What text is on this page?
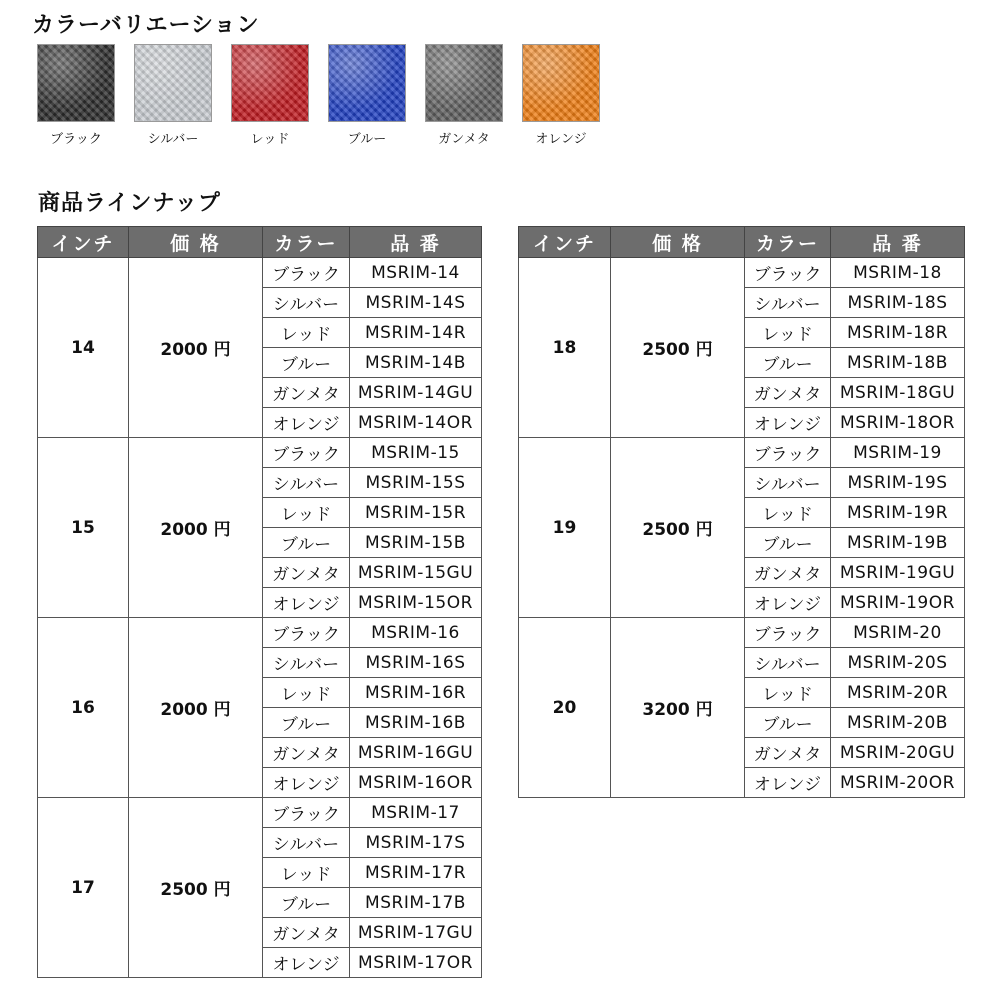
カラーバリエーション
ブラック	シルバー	レッド	ブルー	ガンメタ	オレンジ
商品ラインナップ
インチ	価 格	カラー	品 番
14	2000 円	ブラック	MSRIM-14
		シルバー	MSRIM-14S
		レッド	MSRIM-14R
		ブルー	MSRIM-14B
		ガンメタ	MSRIM-14GU
		オレンジ	MSRIM-14OR
15	2000 円	ブラック	MSRIM-15
		シルバー	MSRIM-15S
		レッド	MSRIM-15R
		ブルー	MSRIM-15B
		ガンメタ	MSRIM-15GU
		オレンジ	MSRIM-15OR
16	2000 円	ブラック	MSRIM-16
		シルバー	MSRIM-16S
		レッド	MSRIM-16R
		ブルー	MSRIM-16B
		ガンメタ	MSRIM-16GU
		オレンジ	MSRIM-16OR
17	2500 円	ブラック	MSRIM-17
		シルバー	MSRIM-17S
		レッド	MSRIM-17R
		ブルー	MSRIM-17B
		ガンメタ	MSRIM-17GU
		オレンジ	MSRIM-17OR
インチ	価 格	カラー	品 番
18	2500 円	ブラック	MSRIM-18
		シルバー	MSRIM-18S
		レッド	MSRIM-18R
		ブルー	MSRIM-18B
		ガンメタ	MSRIM-18GU
		オレンジ	MSRIM-18OR
19	2500 円	ブラック	MSRIM-19
		シルバー	MSRIM-19S
		レッド	MSRIM-19R
		ブルー	MSRIM-19B
		ガンメタ	MSRIM-19GU
		オレンジ	MSRIM-19OR
20	3200 円	ブラック	MSRIM-20
		シルバー	MSRIM-20S
		レッド	MSRIM-20R
		ブルー	MSRIM-20B
		ガンメタ	MSRIM-20GU
		オレンジ	MSRIM-20OR
